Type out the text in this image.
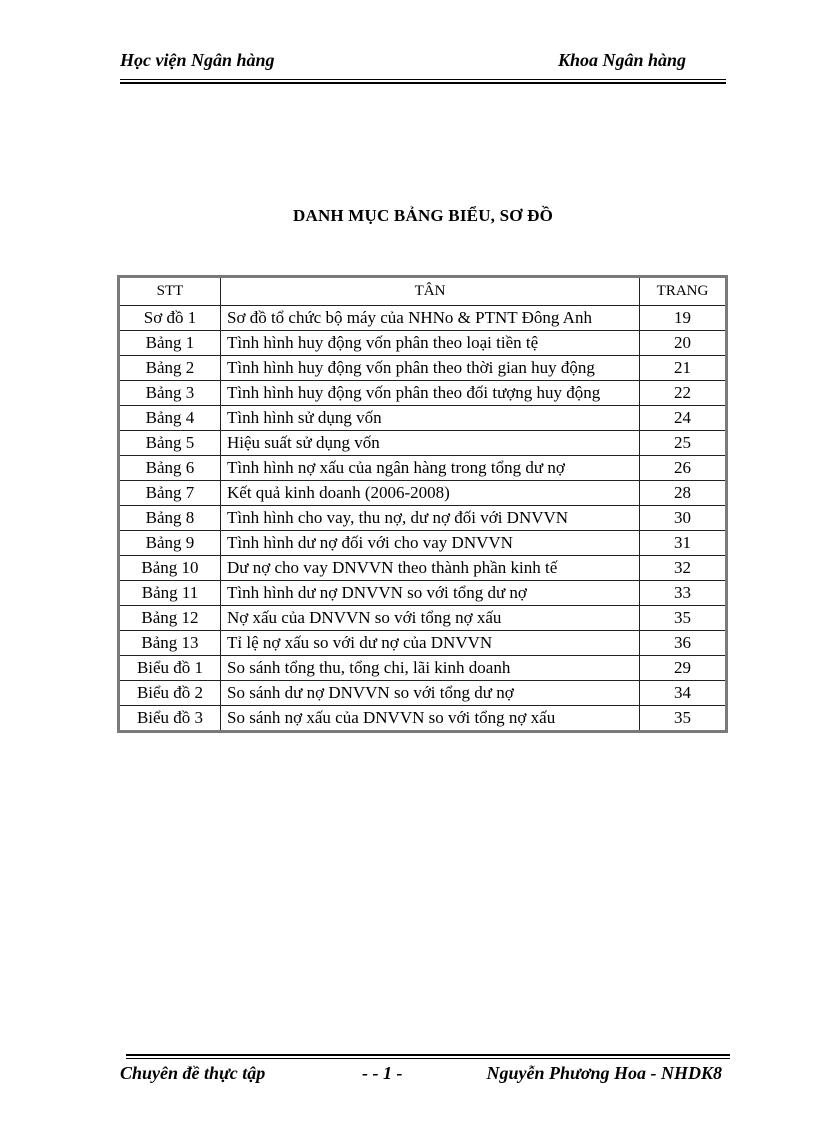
Học viện Ngân hàng	Khoa Ngân hàng
DANH MỤC BẢNG BIỂU, SƠ ĐỒ
STT	TÂN	TRANG
Sơ đồ 1	Sơ đồ tổ chức bộ máy của NHNo & PTNT Đông Anh	19
Bảng 1	Tình hình huy động vốn phân theo loại tiền tệ	20
Bảng 2	Tình hình huy động vốn phân theo thời gian huy động	21
Bảng 3	Tình hình huy động vốn phân theo đối tượng huy động	22
Bảng 4	Tình hình sử dụng vốn	24
Bảng 5	Hiệu suất sử dụng vốn	25
Bảng 6	Tình hình nợ xấu của ngân hàng trong tổng dư nợ	26
Bảng 7	Kết quả kinh doanh (2006-2008)	28
Bảng 8	Tình hình cho vay, thu nợ, dư nợ đối với DNVVN	30
Bảng 9	Tình hình dư nợ đối với cho vay DNVVN	31
Bảng 10	Dư nợ cho vay DNVVN theo thành phần kinh tế	32
Bảng 11	Tình hình dư nợ DNVVN so với tổng dư nợ	33
Bảng 12	Nợ xấu của DNVVN so với tổng nợ xấu	35
Bảng 13	Tỉ lệ nợ xấu so với dư nợ của DNVVN	36
Biểu đồ 1	So sánh tổng thu, tổng chi, lãi kinh doanh	29
Biểu đồ 2	So sánh dư nợ DNVVN so với tổng dư nợ	34
Biểu đồ 3	So sánh nợ xấu của DNVVN so với tổng nợ xấu	35
Chuyên đề thực tập	- - 1 -	Nguyễn Phương Hoa - NHDK8
